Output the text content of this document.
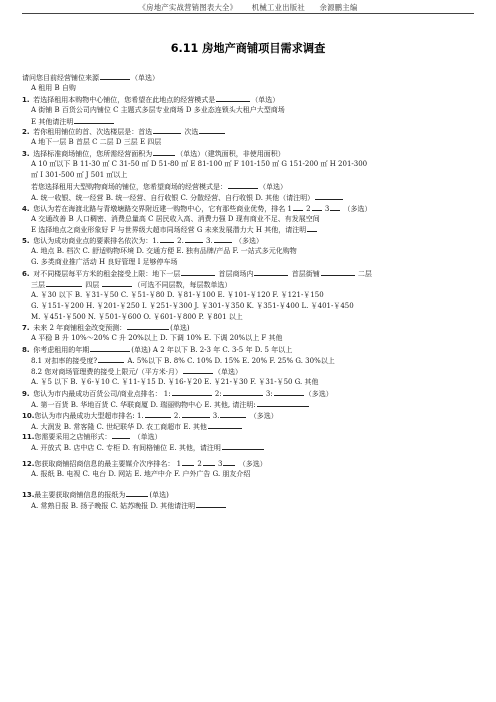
《房地产实战营销图表大全》 机械工业出版社 余源鹏主编
6.11 房地产商铺项目需求调查
请问您目前经营铺位来源	（单选）
A 租用 B 自购
1. 若选择租用本购物中心铺位，您希望在此地点的经营模式是	（单选）
A 街铺 B 百货公司内铺位 C 主题式多层专业商场 D 多业态连锁头大租户大型商场
E 其他请注明
2. 若你租用铺位的首、次选楼层是：首选	次选
A 地下一层 B 首层 C 二层 D 三层 E 四层
3. 选择标准商场铺位，您所需经营面积为	（单选）（建筑面积，非使用面积）
A 10 ㎡以下 B 11-30 ㎡ C 31-50 ㎡ D 51-80 ㎡ E 81-100 ㎡ F 101-150 ㎡ G 151-200 ㎡ H 201-300
㎡ I 301-500 ㎡ J 501 ㎡以上
若您选择租用大型购物商场的铺位，您希望商场的经营模式是：	（单选）
A. 统一收银、统一经营 B. 统一经营、自行收银 C. 分散经营、自行收银 D. 其他（请注明）
4. 您认为若在海渡北路与青墩塘路交界附近建一购物中心，它有那些商业优势，排名 1 2 3 （多选）
A 交通改善 B 人口稠密、消费总量高 C 居民收入高、消费力强 D 现有商业不足、有发展空间
E 选择地点之商业形象好 F 与世界级大超市同场经营 G 未来发展潜力大 H 其他，请注明
5. 您认为成功商业点的要素排名依次为：1. 2.	3.	（多选）
A. 地点 B. 档次 C. 舒适购物环境 D. 交通方便 E. 独有品牌/产品 F. 一站式多元化购物
G. 多类商业推广活动 H 良好管理 I 足够停车场
6. 对不同楼层每平方米的租金接受上限：地下一层	首层商场内	首层街铺	二层
三层	四层	（可选不同层数，每层数单选）
A. ￥30 以下 B. ￥31-￥50 C. ￥51-￥80 D. ￥81-￥100 E. ￥101-￥120 F. ￥121-￥150
G. ￥151-￥200 H. ￥201-￥250 I. ￥251-￥300 J. ￥301-￥350 K. ￥351-￥400 L. ￥401-￥450
M. ￥451-￥500 N. ￥501-￥600 O. ￥601-￥800 P. ￥801 以上
7. 未来 2 年商铺租金改变预测：	(单选)
A 平稳 B 升 10%～20% C 升 20%以上 D. 下调 10% E. 下调 20%以上 F 其他
8. 你考虑租用的年期	(单选) A 2 年以下 B. 2-3 年 C. 3-5 年 D. 5 年以上
8.1 对扣率的接受度?	A. 5%以下 B. 8% C. 10% D. 15% E. 20% F. 25% G. 30%以上
8.2 您对商场管理费的接受上限元/（平方米·月）	（单选）
A. ￥5 以下 B. ￥6-￥10 C. ￥11-￥15 D. ￥16-￥20 E. ￥21-￥30 F. ￥31-￥50 G. 其他
9. 您认为市内最成功百货公司/商业点排名： 1:	2:	3:	（多选）
A. 第一百货 B. 华地百货 C. 华联商厦 D. 瑞丽购物中心 E. 其他, 请注明:
10.您认为市内最成功大型超市排名: 1.	2.	3.	（多选）
A. 大润发 B. 常客隆 C. 世纪联华 D. 农工商超市 E. 其他
11.您需要采用之店铺形式：	（单选）
A. 开放式 B. 店中店 C. 专柜 D. 有间格铺位 E. 其他，请注明
12.您获取商铺招商信息的最主要媒介次序排名： 1 2 3 （多选）
A. 报纸 B. 电视 C. 电台 D. 网站 E. 地产中介 F. 户外广告 G. 朋友介绍
13.最主要获取商铺信息的报纸为	(单选)
A. 常熟日报 B. 扬子晚报 C. 姑苏晚报 D. 其他请注明
